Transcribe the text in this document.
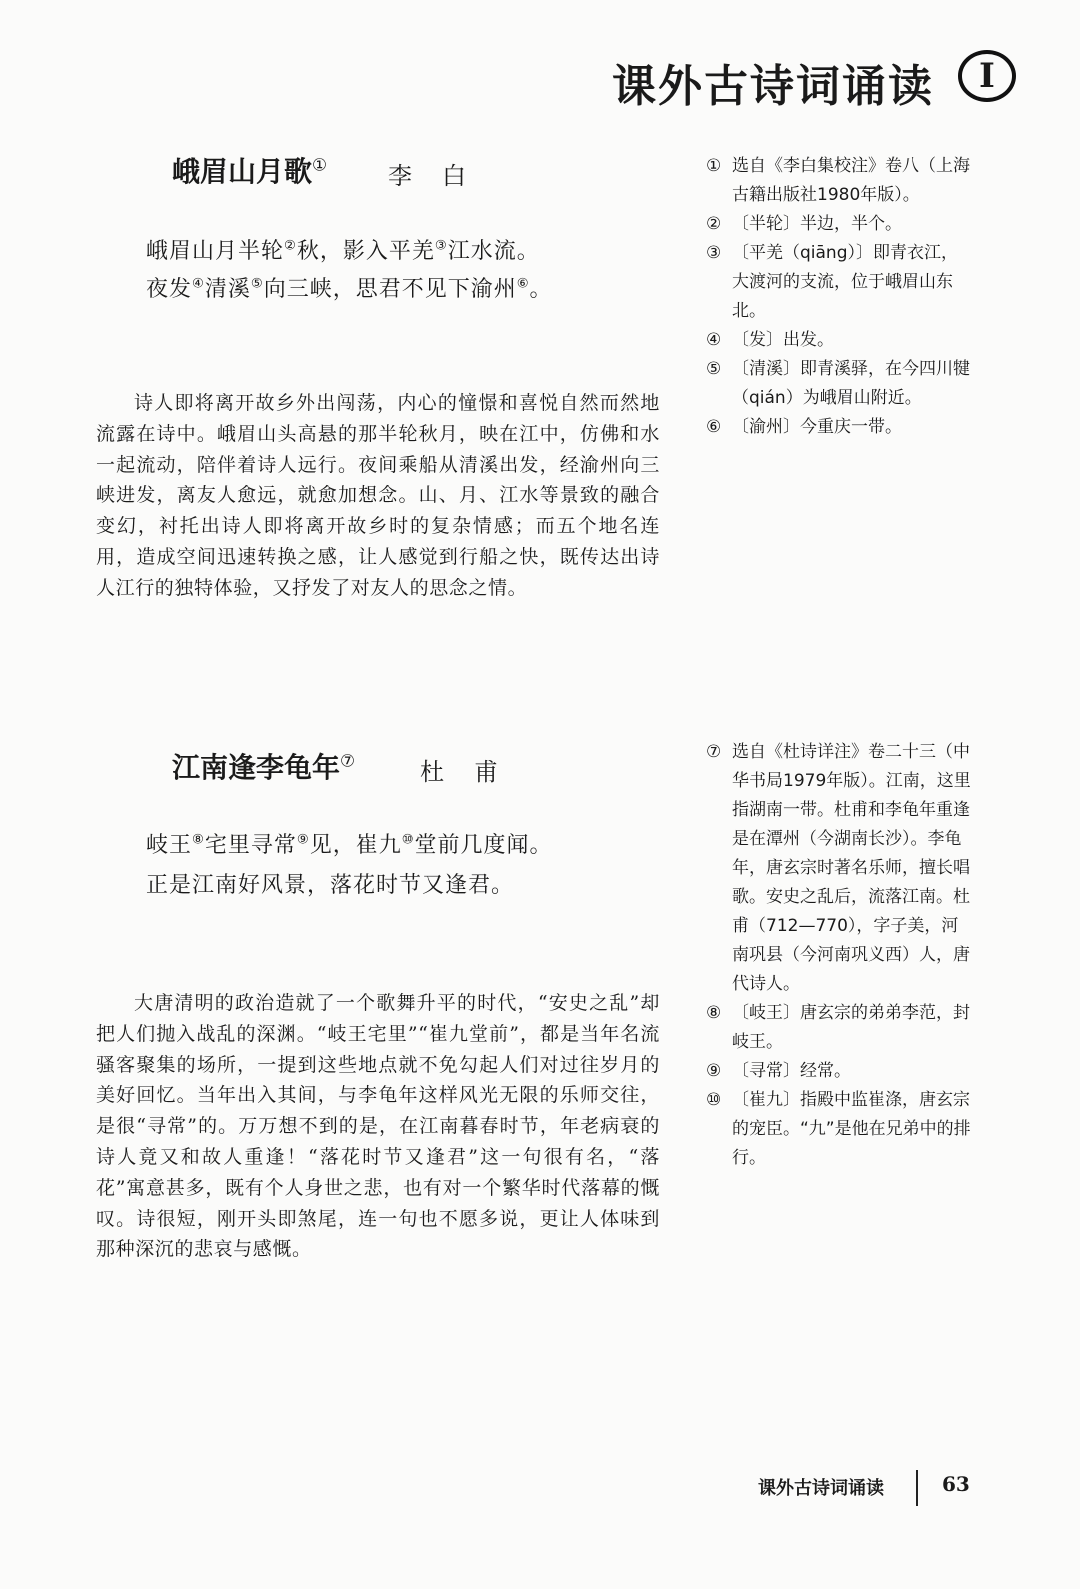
课外古诗词诵读	Ⅰ
峨眉山月歌①	李白
峨眉山月半轮②秋，影入平羌③江水流。
夜发④清溪⑤向三峡，思君不见下渝州⑥。
诗人即将离开故乡外出闯荡，内心的憧憬和喜悦自然而然地流露在诗中。峨眉山头高悬的那半轮秋月，映在江中，仿佛和水一起流动，陪伴着诗人远行。夜间乘船从清溪出发，经渝州向三峡进发，离友人愈远，就愈加想念。山、月、江水等景致的融合变幻，衬托出诗人即将离开故乡时的复杂情感；而五个地名连用，造成空间迅速转换之感，让人感觉到行船之快，既传达出诗人江行的独特体验，又抒发了对友人的思念之情。
① 选自《李白集校注》卷八（上海古籍出版社1980年版）。
② 〔半轮〕半边，半个。
③ 〔平羌（qiāng）〕即青衣江，大渡河的支流，位于峨眉山东北。
④ 〔发〕出发。
⑤ 〔清溪〕即青溪驿，在今四川犍（qián）为峨眉山附近。
⑥ 〔渝州〕今重庆一带。
江南逢李龟年⑦	杜甫
岐王⑧宅里寻常⑨见，崔九⑩堂前几度闻。
正是江南好风景，落花时节又逢君。
大唐清明的政治造就了一个歌舞升平的时代，“安史之乱”却把人们抛入战乱的深渊。“岐王宅里”“崔九堂前”，都是当年名流骚客聚集的场所，一提到这些地点就不免勾起人们对过往岁月的美好回忆。当年出入其间，与李龟年这样风光无限的乐师交往，是很“寻常”的。万万想不到的是，在江南暮春时节，年老病衰的诗人竟又和故人重逢！“落花时节又逢君”这一句很有名，“落花”寓意甚多，既有个人身世之悲，也有对一个繁华时代落幕的慨叹。诗很短，刚开头即煞尾，连一句也不愿多说，更让人体味到那种深沉的悲哀与感慨。
⑦ 选自《杜诗详注》卷二十三（中华书局1979年版）。江南，这里指湖南一带。杜甫和李龟年重逢是在潭州（今湖南长沙）。李龟年，唐玄宗时著名乐师，擅长唱歌。安史之乱后，流落江南。杜甫（712—770），字子美，河南巩县（今河南巩义西）人，唐代诗人。
⑧ 〔岐王〕唐玄宗的弟弟李范，封岐王。
⑨ 〔寻常〕经常。
⑩ 〔崔九〕指殿中监崔涤，唐玄宗的宠臣。“九”是他在兄弟中的排行。
课外古诗词诵读	63
